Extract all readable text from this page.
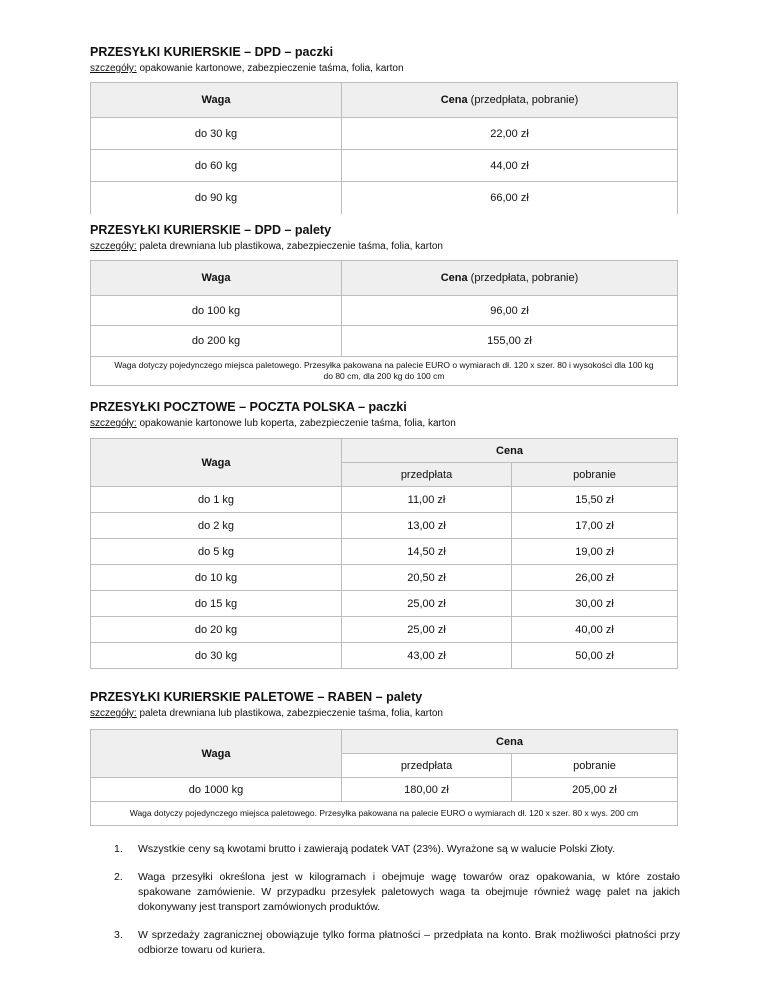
PRZESYŁKI KURIERSKIE – DPD – paczki

szczegóły: opakowanie kartonowe, zabezpieczenie taśma, folia, karton

Waga	Cena (przedpłata, pobranie)
do 30 kg	22,00 zł
do 60 kg	44,00 zł
do 90 kg	66,00 zł

PRZESYŁKI KURIERSKIE – DPD – palety

szczegóły: paleta drewniana lub plastikowa, zabezpieczenie taśma, folia, karton

Waga	Cena (przedpłata, pobranie)
do 100 kg	96,00 zł
do 200 kg	155,00 zł
Waga dotyczy pojedynczego miejsca paletowego. Przesyłka pakowana na palecie EURO o wymiarach dł. 120 x szer. 80 i wysokości dla 100 kg do 80 cm, dla 200 kg do 100 cm	

PRZESYŁKI POCZTOWE – POCZTA POLSKA – paczki

szczegóły: opakowanie kartonowe lub koperta, zabezpieczenie taśma, folia, karton

Waga	Cena	
	przedpłata	pobranie
do 1 kg	11,00 zł	15,50 zł
do 2 kg	13,00 zł	17,00 zł
do 5 kg	14,50 zł	19,00 zł
do 10 kg	20,50 zł	26,00 zł
do 15 kg	25,00 zł	30,00 zł
do 20 kg	25,00 zł	40,00 zł
do 30 kg	43,00 zł	50,00 zł

PRZESYŁKI KURIERSKIE PALETOWE – RABEN – palety

szczegóły: paleta drewniana lub plastikowa, zabezpieczenie taśma, folia, karton

Waga	Cena	
	przedpłata	pobranie
do 1000 kg	180,00 zł	205,00 zł
Waga dotyczy pojedynczego miejsca paletowego. Przesyłka pakowana na palecie EURO o wymiarach dł. 120 x szer. 80 x wys. 200 cm		
1. Wszystkie ceny są kwotami brutto i zawierają podatek VAT (23%). Wyrażone są w walucie Polski Złoty.
2. Waga przesyłki określona jest w kilogramach i obejmuje wagę towarów oraz opakowania, w które zostało spakowane zamówienie. W przypadku przesyłek paletowych waga ta obejmuje również wagę palet na jakich dokonywany jest transport zamówionych produktów.
3. W sprzedaży zagranicznej obowiązuje tylko forma płatności – przedpłata na konto. Brak możliwości płatności przy odbiorze towaru od kuriera.
